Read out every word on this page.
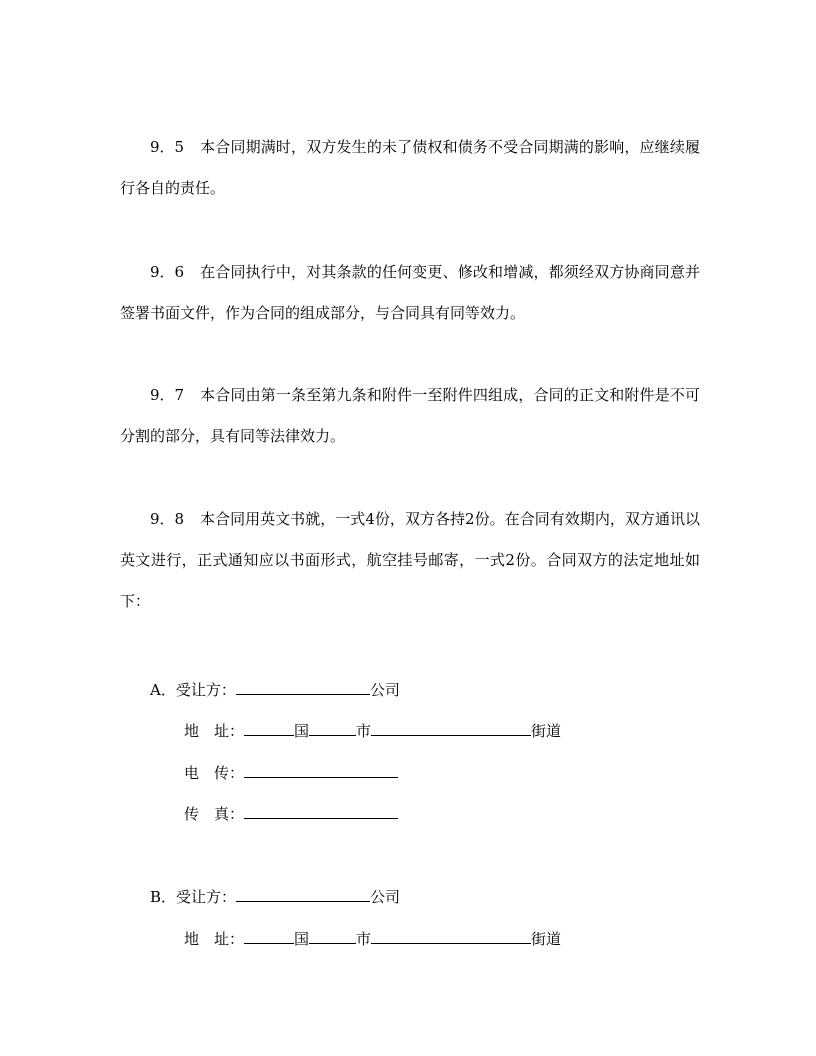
9．5 本合同期满时，双方发生的未了债权和债务不受合同期满的影响，应继续履行各自的责任。
9．6 在合同执行中，对其条款的任何变更、修改和增减，都须经双方协商同意并签署书面文件，作为合同的组成部分，与合同具有同等效力。
9．7 本合同由第一条至第九条和附件一至附件四组成，合同的正文和附件是不可分割的部分，具有同等法律效力。
9．8 本合同用英文书就，一式4份，双方各持2份。在合同有效期内，双方通讯以英文进行，正式通知应以书面形式，航空挂号邮寄，一式2份。合同双方的法定地址如下：
A．受让方：	公司
地　址：	国	市	街道
电　传：
传　真：
B．受让方：	公司
地　址：	国	市	街道
